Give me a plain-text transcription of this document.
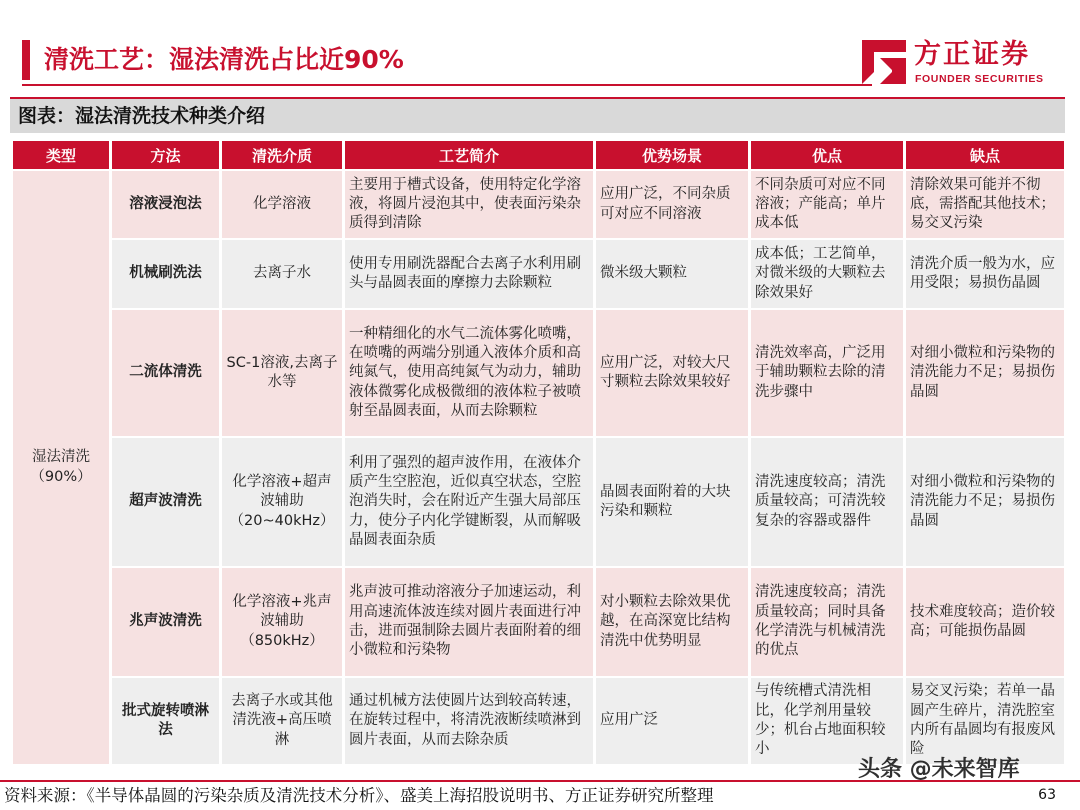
清洗工艺：湿法清洗占比近90%	方正证券
FOUNDER SECURITIES
图表：湿法清洗技术种类介绍
类型	方法	清洗介质	工艺简介	优势场景	优点	缺点
湿法清洗
（90%）	溶液浸泡法	化学溶液	主要用于槽式设备，使用特定化学溶液，将圆片浸泡其中，使表面污染杂质得到清除	应用广泛，不同杂质可对应不同溶液	不同杂质可对应不同溶液；产能高；单片成本低	清除效果可能并不彻底，需搭配其他技术；易交叉污染
	机械刷洗法	去离子水	使用专用刷洗器配合去离子水利用刷头与晶圆表面的摩擦力去除颗粒	微米级大颗粒	成本低；工艺简单，对微米级的大颗粒去除效果好	清洗介质一般为水，应用受限；易损伤晶圆
	二流体清洗	SC-1溶液,去离子水等	一种精细化的水气二流体雾化喷嘴，在喷嘴的两端分别通入液体介质和高纯氮气，使用高纯氮气为动力，辅助液体微雾化成极微细的液体粒子被喷射至晶圆表面，从而去除颗粒	应用广泛，对较大尺寸颗粒去除效果较好	清洗效率高，广泛用于辅助颗粒去除的清洗步骤中	对细小微粒和污染物的清洗能力不足；易损伤晶圆
	超声波清洗	化学溶液+超声波辅助（20~40kHz）	利用了强烈的超声波作用，在液体介质产生空腔泡，近似真空状态，空腔泡消失时，会在附近产生强大局部压力，使分子内化学键断裂，从而解吸晶圆表面杂质	晶圆表面附着的大块污染和颗粒	清洗速度较高；清洗质量较高；可清洗较复杂的容器或器件	对细小微粒和污染物的清洗能力不足；易损伤晶圆
	兆声波清洗	化学溶液+兆声波辅助（850kHz）	兆声波可推动溶液分子加速运动，利用高速流体波连续对圆片表面进行冲击，进而强制除去圆片表面附着的细小微粒和污染物	对小颗粒去除效果优越，在高深宽比结构清洗中优势明显	清洗速度较高；清洗质量较高；同时具备化学清洗与机械清洗的优点	技术难度较高；造价较高；可能损伤晶圆
	批式旋转喷淋法	去离子水或其他清洗液+高压喷淋	通过机械方法使圆片达到较高转速，在旋转过程中，将清洗液断续喷淋到圆片表面，从而去除杂质	应用广泛	与传统槽式清洗相比，化学剂用量较少；机台占地面积较小	易交叉污染；若单一晶圆产生碎片，清洗腔室内所有晶圆均有报废风险
资料来源：《半导体晶圆的污染杂质及清洗技术分析》、盛美上海招股说明书、方正证券研究所整理	63
头条 @未来智库
